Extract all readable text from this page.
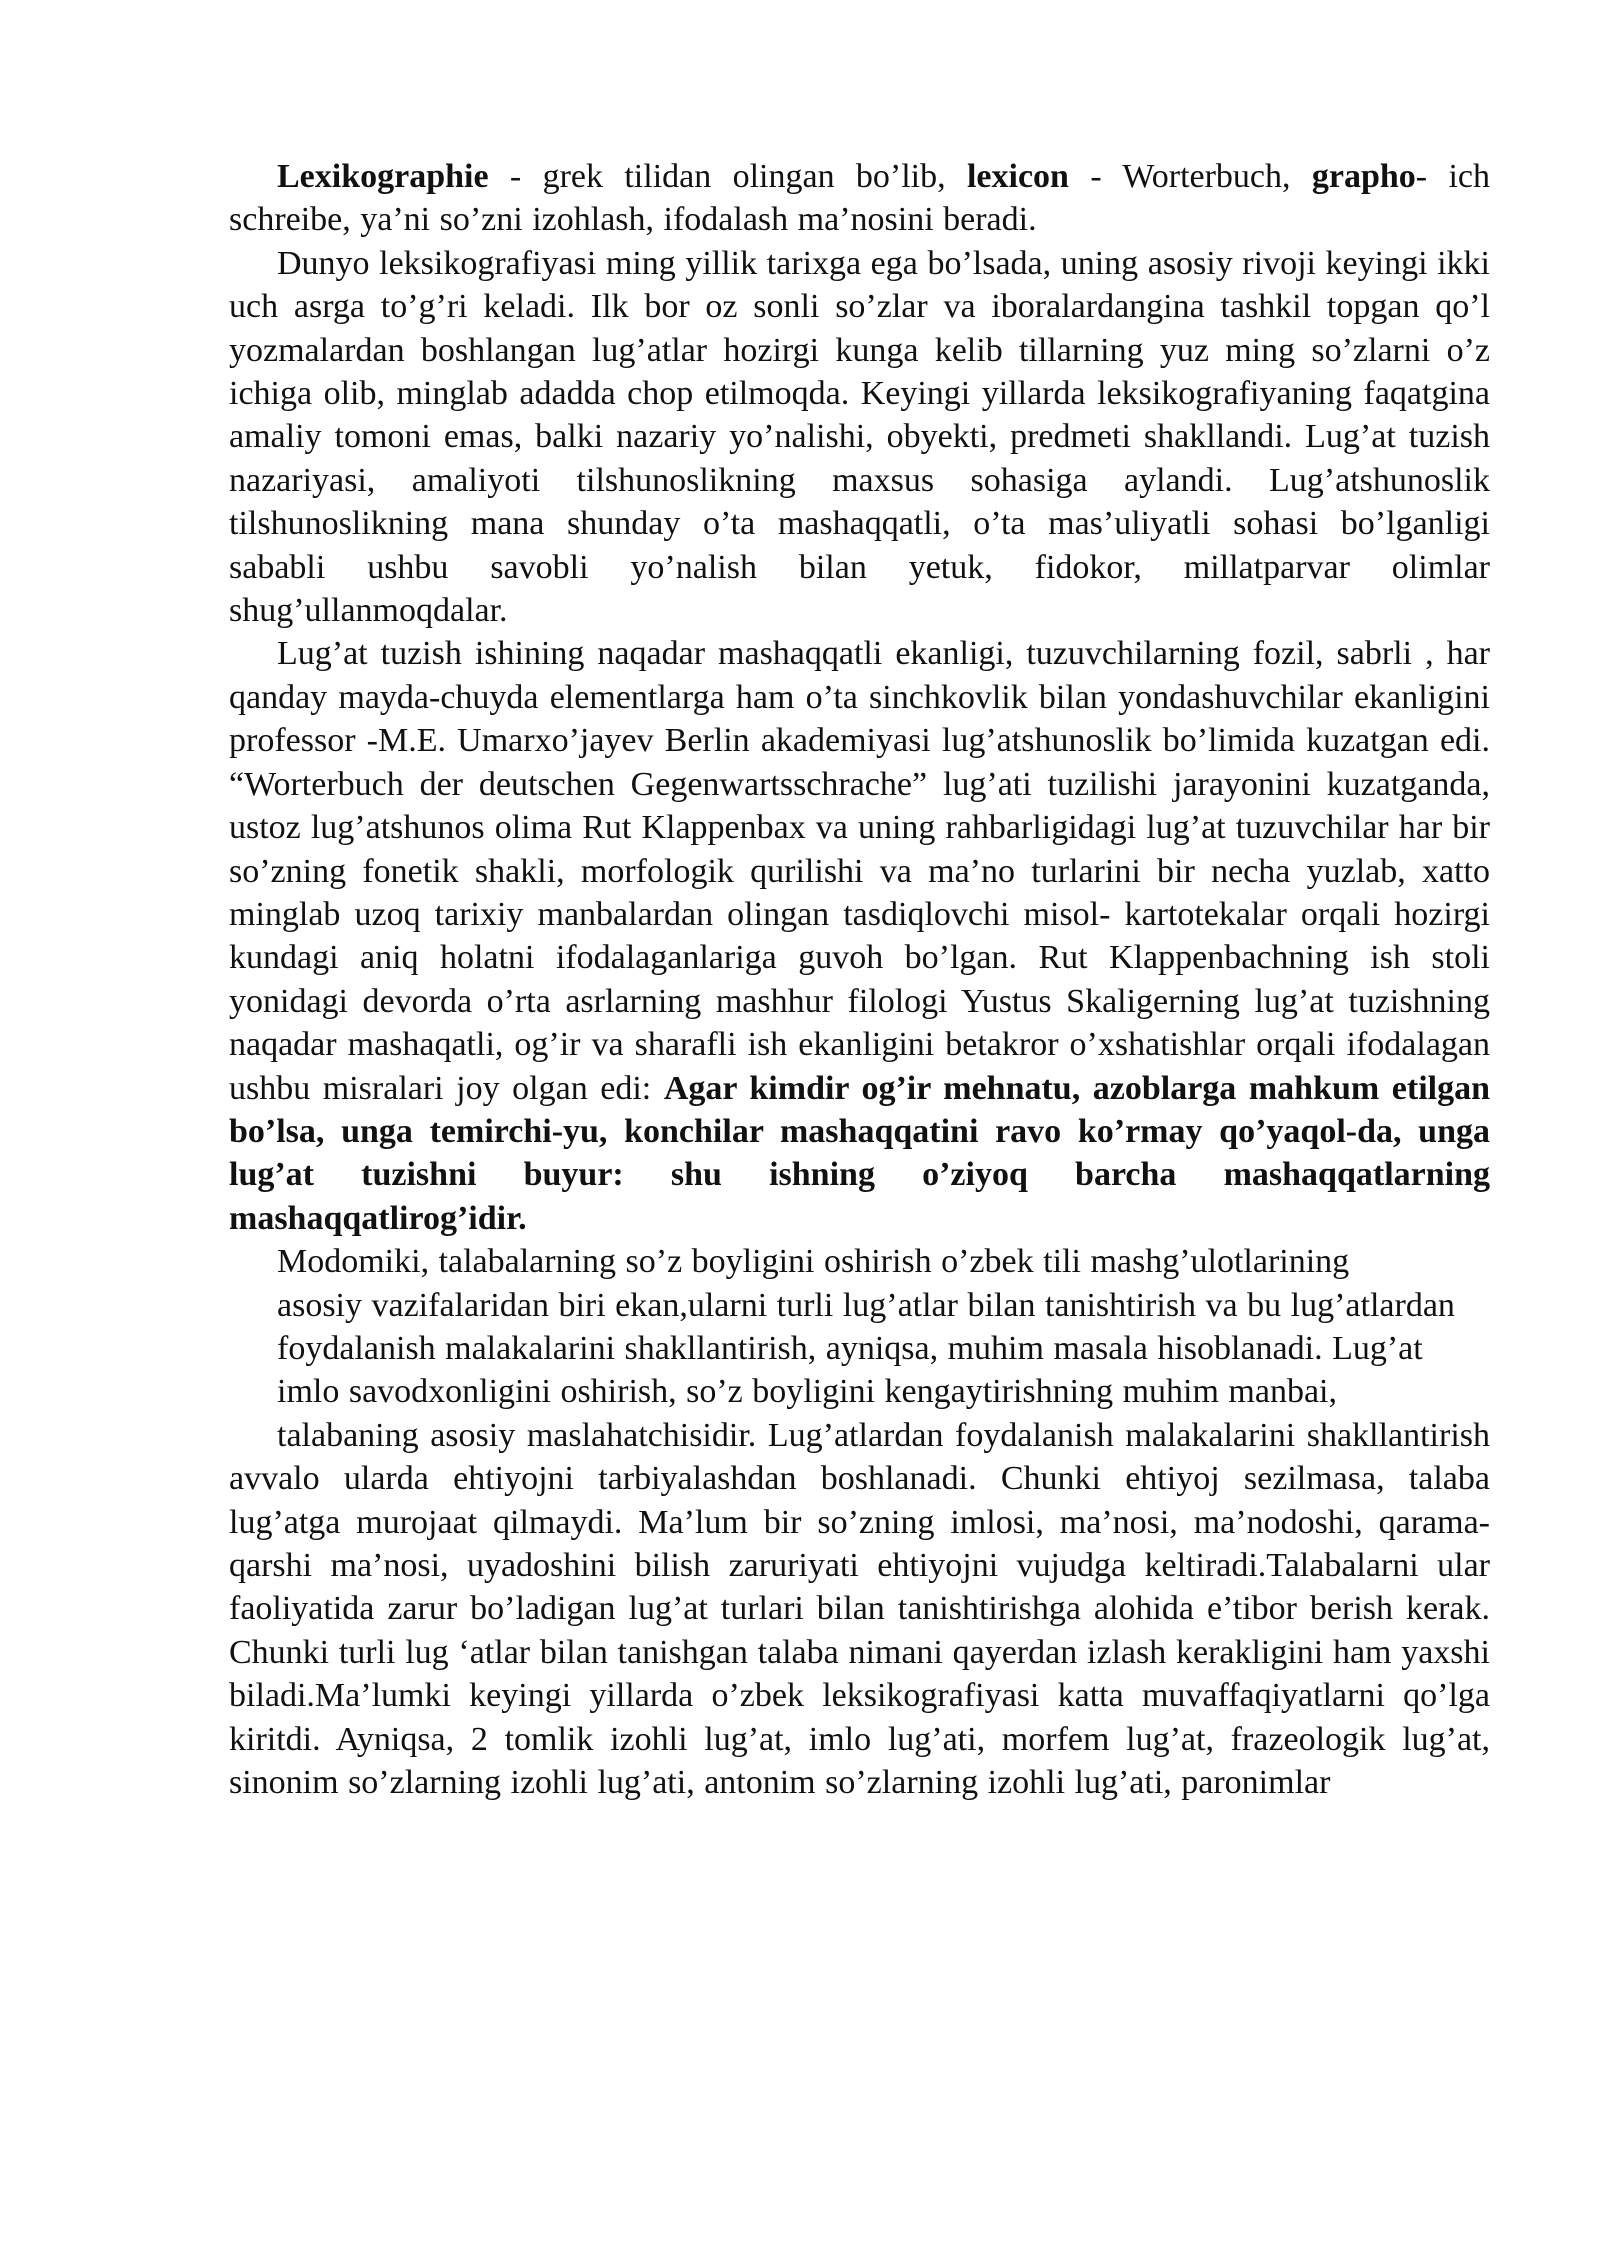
Lexikographie - grek tilidan olingan bo’lib, lexicon - Worterbuch, grapho- ich schreibe, ya’ni so’zni izohlash, ifodalash ma’nosini beradi.

Dunyo leksikografiyasi ming yillik tarixga ega bo’lsada, uning asosiy rivoji keyingi ikki uch asrga to’g’ri keladi. Ilk bor oz sonli so’zlar va iboralardangina tashkil topgan qo’l yozmalardan boshlangan lug’atlar hozirgi kunga kelib tillarning yuz ming so’zlarni o’z ichiga olib, minglab adadda chop etilmoqda. Keyingi yillarda leksikografiyaning faqatgina amaliy tomoni emas, balki nazariy yo’nalishi, obyekti, predmeti shakllandi. Lug’at tuzish nazariyasi, amaliyoti tilshunoslikning maxsus sohasiga aylandi. Lug’atshunoslik tilshunoslikning mana shunday o’ta mashaqqatli, o’ta mas’uliyatli sohasi bo’lganligi sababli ushbu savobli yo’nalish bilan yetuk, fidokor, millatparvar olimlar shug’ullanmoqdalar.

Lug’at tuzish ishining naqadar mashaqqatli ekanligi, tuzuvchilarning fozil, sabrli , har qanday mayda-chuyda elementlarga ham o’ta sinchkovlik bilan yondashuvchilar ekanligini professor -M.E. Umarxo’jayev Berlin akademiyasi lug’atshunoslik bo’limida kuzatgan edi. “Worterbuch der deutschen Gegenwartsschrache” lug’ati tuzilishi jarayonini kuzatganda, ustoz lug’atshunos olima Rut Klappenbax va uning rahbarligidagi lug’at tuzuvchilar har bir so’zning fonetik shakli, morfologik qurilishi va ma’no turlarini bir necha yuzlab, xatto minglab uzoq tarixiy manbalardan olingan tasdiqlovchi misol- kartotekalar orqali hozirgi kundagi aniq holatni ifodalaganlariga guvoh bo’lgan. Rut Klappenbachning ish stoli yonidagi devorda o’rta asrlarning mashhur filologi Yustus Skaligerning lug’at tuzishning naqadar mashaqatli, og’ir va sharafli ish ekanligini betakror o’xshatishlar orqali ifodalagan ushbu misralari joy olgan edi: Agar kimdir og’ir mehnatu, azoblarga mahkum etilgan bo’lsa, unga temirchi-yu, konchilar mashaqqatini ravo ko’rmay qo’yaqol-da, unga lug’at tuzishni buyur: shu ishning o’ziyoq barcha mashaqqatlarning mashaqqatlirog’idir.

Modomiki, talabalarning so’z boyligini oshirish o’zbek tili mashg’ulotlarining

asosiy vazifalaridan biri ekan,ularni turli lug’atlar bilan tanishtirish va bu lug’atlardan

foydalanish malakalarini shakllantirish, ayniqsa, muhim masala hisoblanadi. Lug’at

imlo savodxonligini oshirish, so’z boyligini kengaytirishning muhim manbai,

talabaning asosiy maslahatchisidir. Lug’atlardan foydalanish malakalarini shakllantirish avvalo ularda ehtiyojni tarbiyalashdan boshlanadi. Chunki ehtiyoj sezilmasa, talaba lug’atga murojaat qilmaydi. Ma’lum bir so’zning imlosi, ma’nosi, ma’nodoshi, qarama-qarshi ma’nosi, uyadoshini bilish zaruriyati ehtiyojni vujudga keltiradi.Talabalarni ular faoliyatida zarur bo’ladigan lug’at turlari bilan tanishtirishga alohida e’tibor berish kerak. Chunki turli lug ‘atlar bilan tanishgan talaba nimani qayerdan izlash kerakligini ham yaxshi biladi.Ma’lumki keyingi yillarda o’zbek leksikografiyasi katta muvaffaqiyatlarni qo’lga kiritdi. Ayniqsa, 2 tomlik izohli lug’at, imlo lug’ati, morfem lug’at, frazeologik lug’at, sinonim so’zlarning izohli lug’ati, antonim so’zlarning izohli lug’ati, paronimlar
